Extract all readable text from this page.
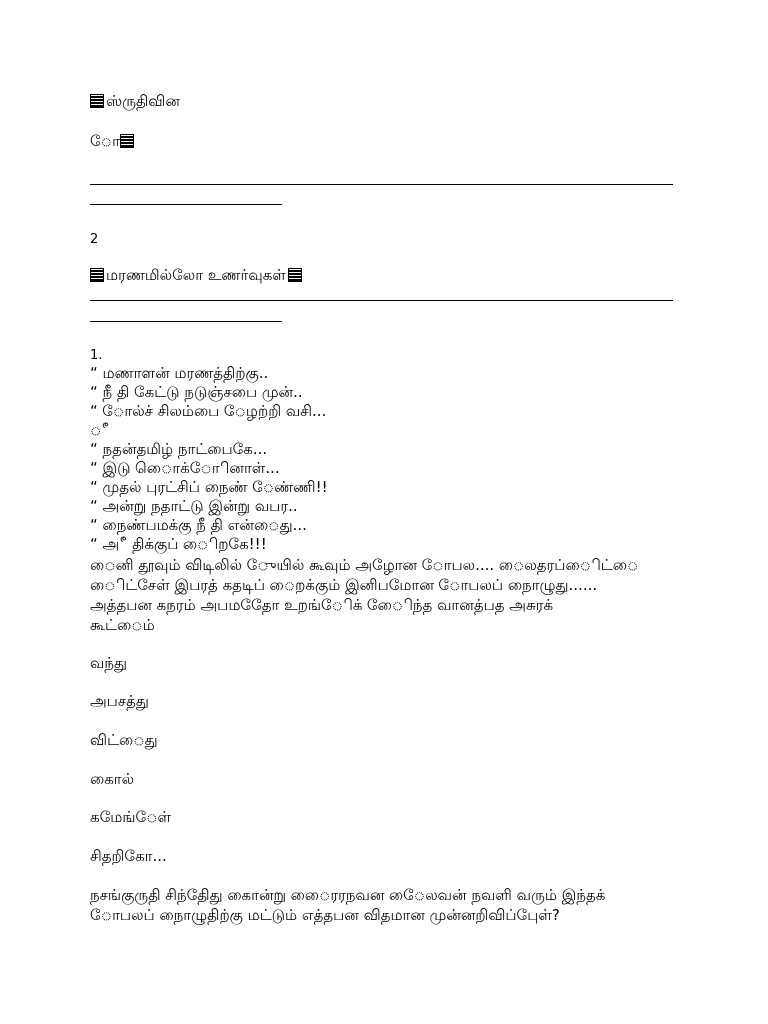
ஸ்ருதிவின
ோ
2
மரணமில்லோ உணர்வுகள்
1.
“ மணாளன் மரணத்திற்கு..
“ நீ தி கேட்டு நடுஞ்சபை முன்..
“ ோல்ச் சிலம்பை ேழற்றி வசி...
ீ
“ நதன்தமிழ் நாட்பைகே...
“ இடு ைொக்ோினாள்...
“ முதல் புரட்சிப் நைண் ேண்ணி!!
“ அன்று நதாட்டு இன்று வபர..
“ நைண்பமக்கு நீ தி என்ைது...
“ அீ திக்குப் ைிறகே!!!
ைனி தூவும் விடிலில் ேுயில் கூவும் அழோன ோபல.... ைலதரப்ைிட்ை
ைிட்சேள் இபரத் கதடிப் ைறக்கும் இனிபமோன ோபலப் நைாழுது......
அத்தபன கநரம் அபமதேோ உறங்ேிக் ைேிந்த வானத்பத அசுரக்
கூட்ைம்
வந்து
அபசத்து
விட்ைது
கைால்
கமேங்ேள்
சிதறிகோ...
நசங்குருதி சிந்திேது கைான்று ைைரரநவன ேைலவன் நவளி வரும் இந்தக்
ோபலப் நைாழுதிற்கு மட்டும் எத்தபன விதமான முன்னறிவிப்புேள்?
